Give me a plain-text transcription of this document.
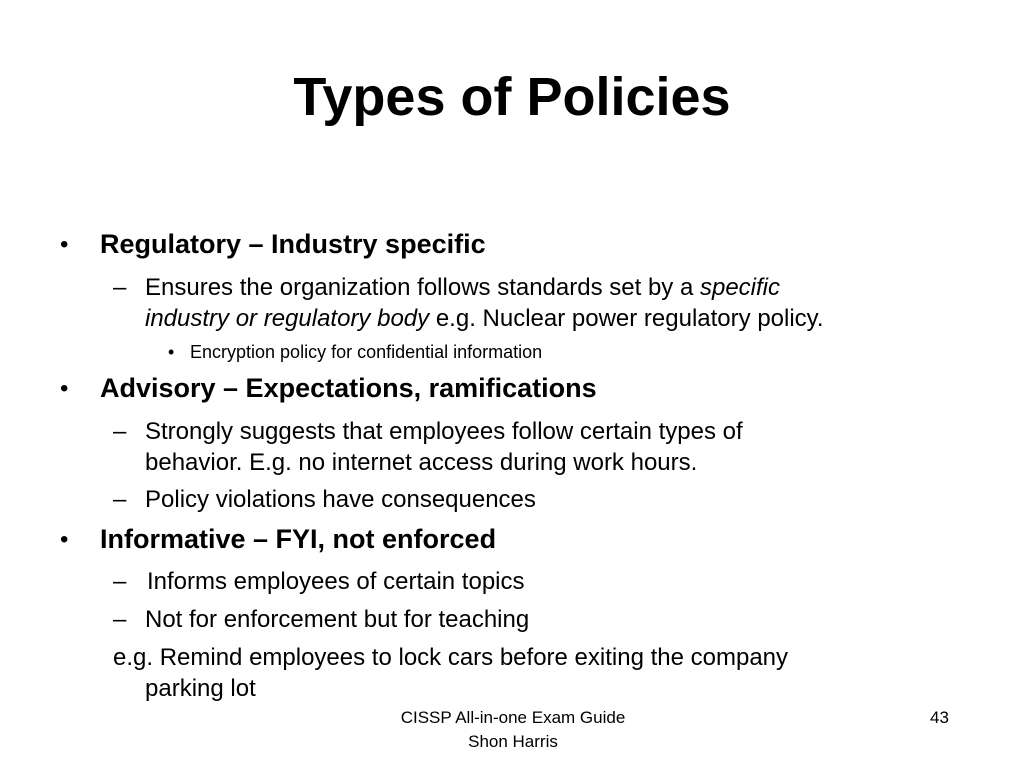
Types of Policies
• Regulatory – Industry specific
– Ensures the organization follows standards set by a specific
industry or regulatory body e.g. Nuclear power regulatory policy.
• Encryption policy for confidential information
• Advisory – Expectations, ramifications
– Strongly suggests that employees follow certain types of
behavior. E.g. no internet access during work hours.
– Policy violations have consequences
• Informative – FYI, not enforced
– Informs employees of certain topics
– Not for enforcement but for teaching
e.g. Remind employees to lock cars before exiting the company
parking lot
CISSP All-in-one Exam Guide
Shon Harris
43
